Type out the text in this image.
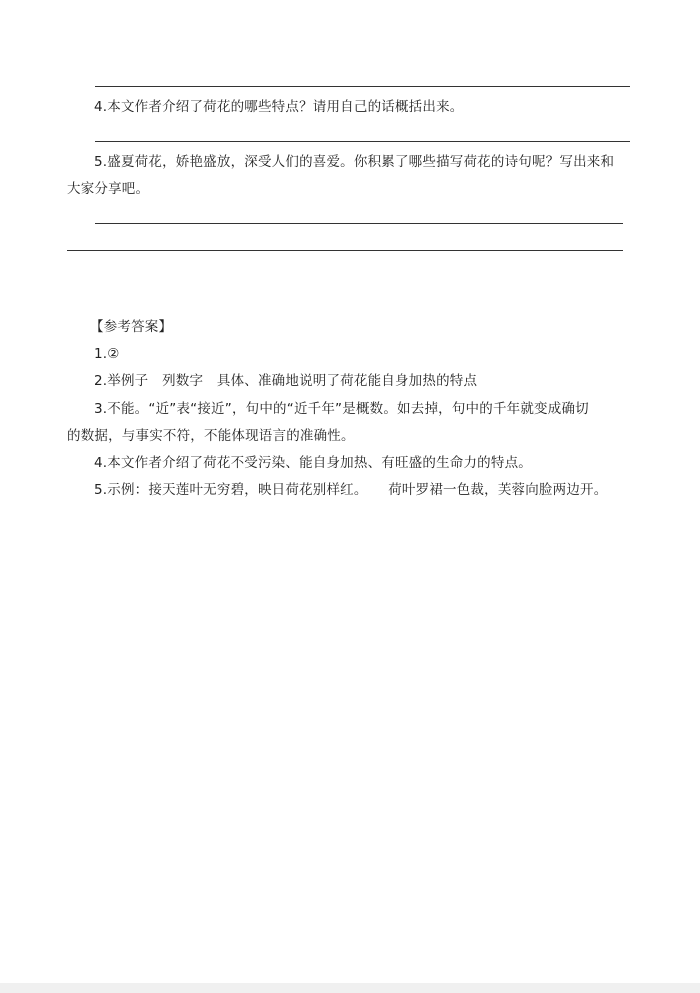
4.本文作者介绍了荷花的哪些特点？请用自己的话概括出来。
5.盛夏荷花，娇艳盛放，深受人们的喜爱。你积累了哪些描写荷花的诗句呢？写出来和
大家分享吧。
【参考答案】
1.②
2.举例子　列数字　具体、准确地说明了荷花能自身加热的特点
3.不能。“近”表“接近”，句中的“近千年”是概数。如去掉，句中的千年就变成确切
的数据，与事实不符，不能体现语言的准确性。
4.本文作者介绍了荷花不受污染、能自身加热、有旺盛的生命力的特点。
5.示例：接天莲叶无穷碧，映日荷花别样红。　　荷叶罗裙一色裁，芙蓉向脸两边开。
